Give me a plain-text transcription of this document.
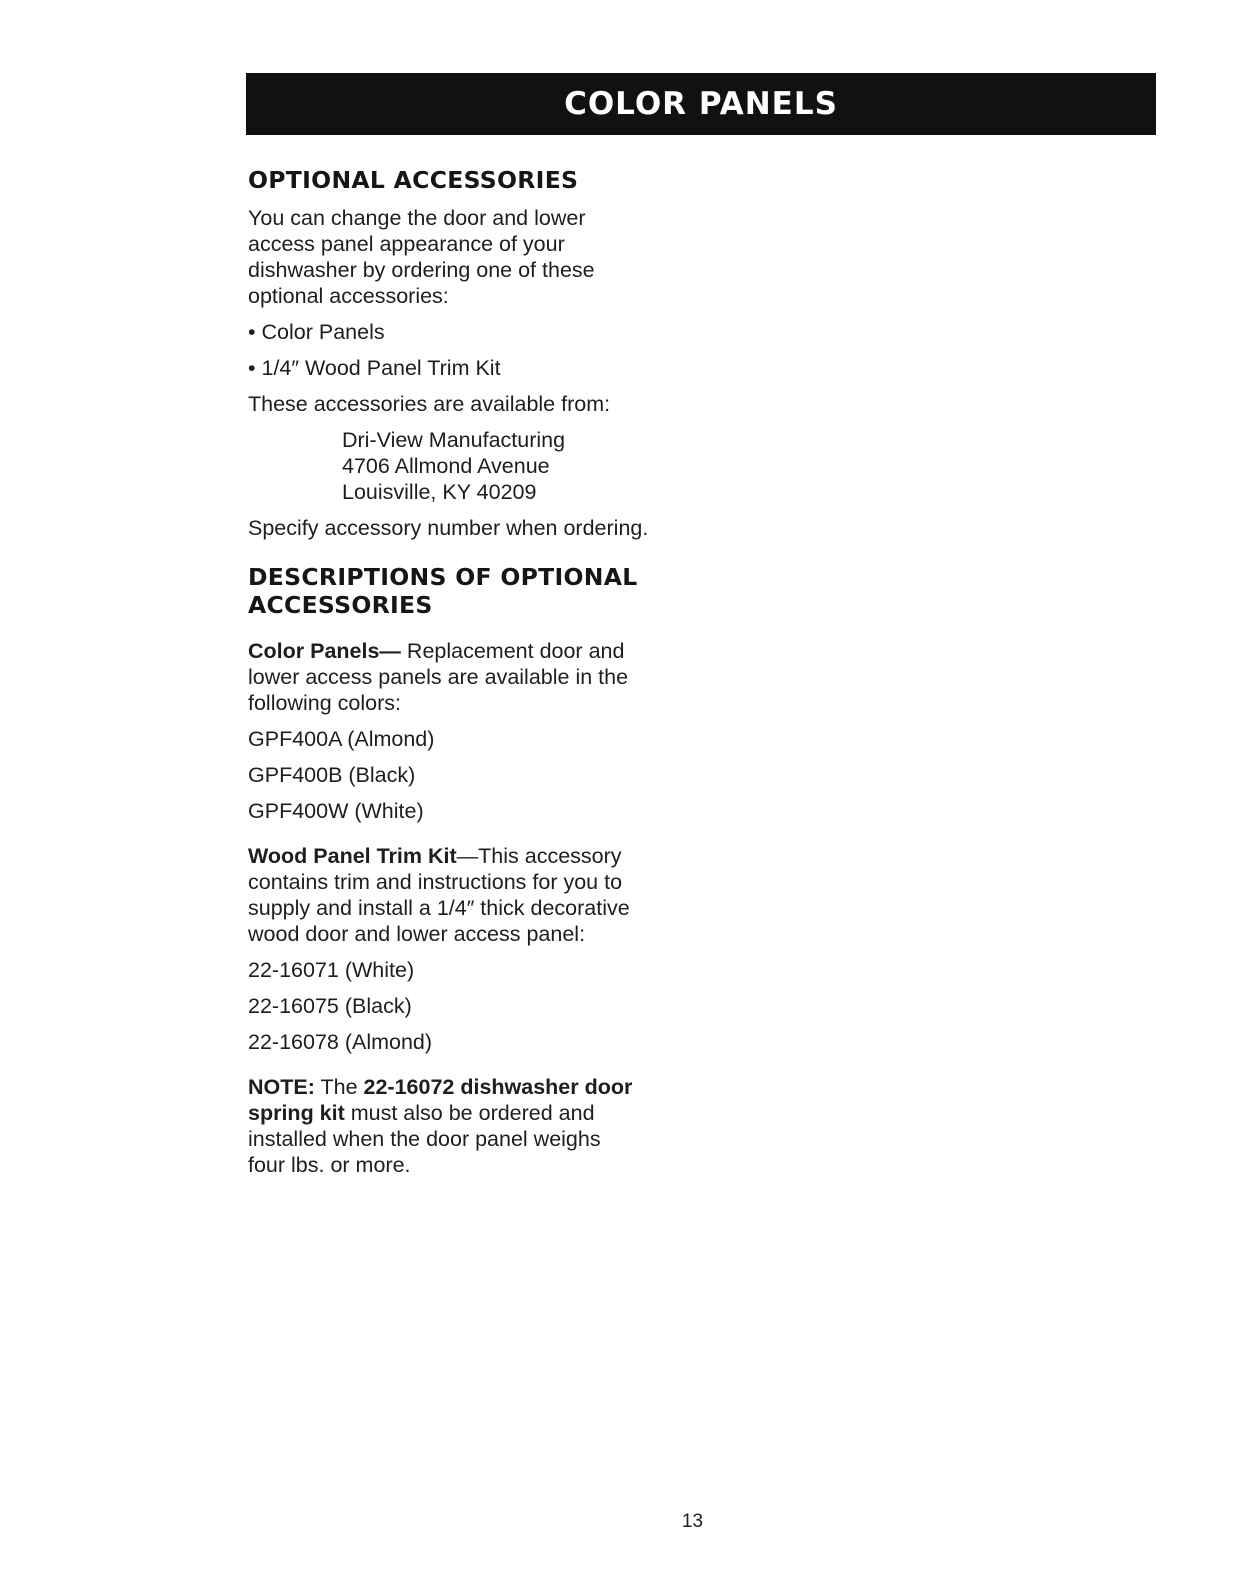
COLOR PANELS
OPTIONAL ACCESSORIES

You can change the door and lower

access panel appearance of your

dishwasher by ordering one of these

optional accessories:

• Color Panels

• 1/4″ Wood Panel Trim Kit

These accessories are available from:

Dri-View Manufacturing
4706 Allmond Avenue
Louisville, KY 40209

Specify accessory number when ordering.

DESCRIPTIONS OF OPTIONAL
ACCESSORIES

Color Panels— Replacement door and

lower access panels are available in the

following colors:

GPF400A (Almond)

GPF400B (Black)

GPF400W (White)

Wood Panel Trim Kit—This accessory

contains trim and instructions for you to

supply and install a 1/4″ thick decorative

wood door and lower access panel:

22-16071 (White)

22-16075 (Black)

22-16078 (Almond)

NOTE: The 22-16072 dishwasher door

spring kit must also be ordered and

installed when the door panel weighs

four lbs. or more.

13
